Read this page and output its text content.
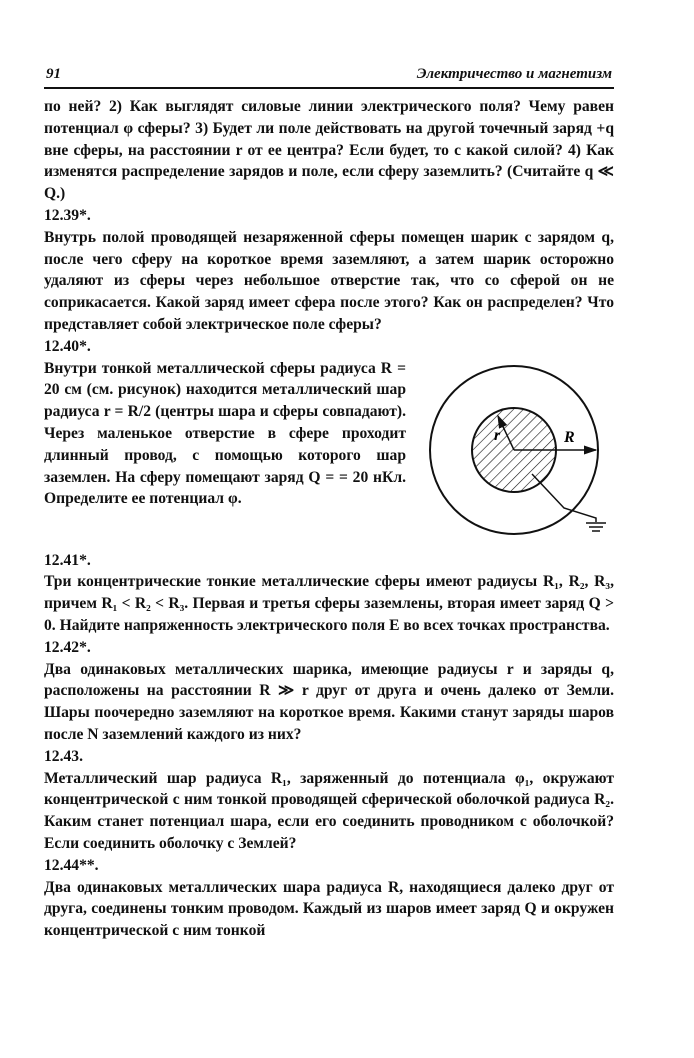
91	Электричество и магнетизм

по ней? 2) Как выглядят силовые линии электрического поля? Чему равен потенциал φ сферы? 3) Будет ли поле действовать на другой точечный заряд +q вне сферы, на расстоянии r от ее центра? Если будет, то с какой силой? 4) Как изменятся распределение зарядов и поле, если сферу заземлить? (Считайте q ≪ Q.)

12.39*.

Внутрь полой проводящей незаряженной сферы помещен шарик с зарядом q, после чего сферу на короткое время заземляют, а затем шарик осторожно удаляют из сферы через небольшое отверстие так, что со сферой он не соприкасается. Какой заряд имеет сфера после этого? Как он распределен? Что представляет собой электрическое поле сферы?

12.40*.

Внутри тонкой металлической сферы радиуса R = 20 см (см. рисунок) находится металлический шар радиуса r = R/2 (центры шара и сферы совпадают). Через маленькое отверстие в сфере проходит длинный провод, с помощью которого шар заземлен. На сферу помещают заряд Q = = 20 нКл. Определите ее потенциал φ.

r	R

12.41*.

Три концентрические тонкие металлические сферы имеют радиусы R₁, R₂, R₃, причем R₁ < R₂ < R₃. Первая и третья сферы заземлены, вторая имеет заряд Q > 0. Найдите напряженность электрического поля E во всех точках пространства.

12.42*.

Два одинаковых металлических шарика, имеющие радиусы r и заряды q, расположены на расстоянии R ≫ r друг от друга и очень далеко от Земли. Шары поочередно заземляют на короткое время. Какими станут заряды шаров после N заземлений каждого из них?

12.43.

Металлический шар радиуса R₁, заряженный до потенциала φ₁, окружают концентрической с ним тонкой проводящей сферической оболочкой радиуса R₂. Каким станет потенциал шара, если его соединить проводником с оболочкой? Если соединить оболочку с Землей?

12.44**.

Два одинаковых металлических шара радиуса R, находящиеся далеко друг от друга, соединены тонким проводом. Каждый из шаров имеет заряд Q и окружен концентрической с ним тонкой
